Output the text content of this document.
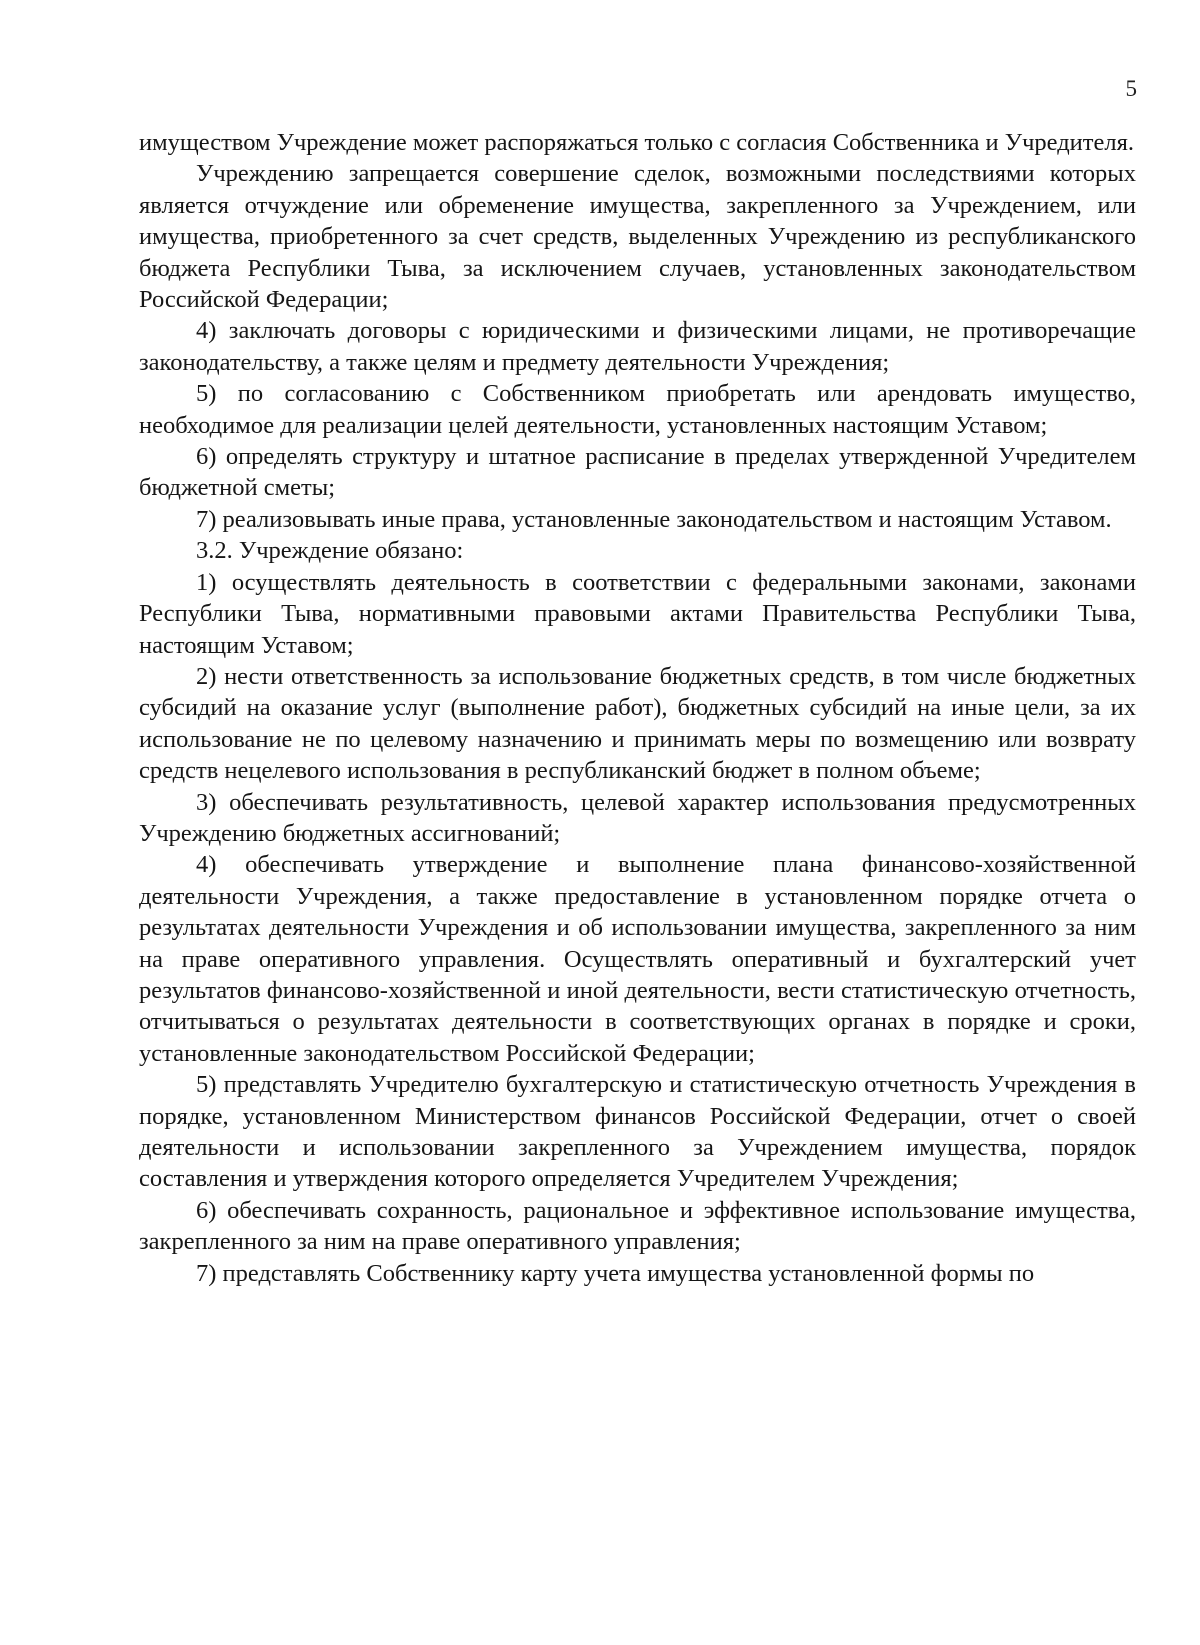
5

имуществом Учреждение может распоряжаться только с согласия Собственника и Учредителя.

Учреждению запрещается совершение сделок, возможными последствиями которых является отчуждение или обременение имущества, закрепленного за Учреждением, или имущества, приобретенного за счет средств, выделенных Учреждению из республиканского бюджета Республики Тыва, за исключением случаев, установленных законодательством Российской Федерации;

4) заключать договоры с юридическими и физическими лицами, не противоречащие законодательству, а также целям и предмету деятельности Учреждения;

5) по согласованию с Собственником приобретать или арендовать имущество, необходимое для реализации целей деятельности, установленных настоящим Уставом;

6) определять структуру и штатное расписание в пределах утвержденной Учредителем бюджетной сметы;

7) реализовывать иные права, установленные законодательством и настоящим Уставом.

3.2. Учреждение обязано:

1) осуществлять деятельность в соответствии с федеральными законами, законами Республики Тыва, нормативными правовыми актами Правительства Республики Тыва, настоящим Уставом;

2) нести ответственность за использование бюджетных средств, в том числе бюджетных субсидий на оказание услуг (выполнение работ), бюджетных субсидий на иные цели, за их использование не по целевому назначению и принимать меры по возмещению или возврату средств нецелевого использования в республиканский бюджет в полном объеме;

3) обеспечивать результативность, целевой характер использования предусмотренных Учреждению бюджетных ассигнований;

4) обеспечивать утверждение и выполнение плана финансово-хозяйственной деятельности Учреждения, а также предоставление в установленном порядке отчета о результатах деятельности Учреждения и об использовании имущества, закрепленного за ним на праве оперативного управления. Осуществлять оперативный и бухгалтерский учет результатов финансово-хозяйственной и иной деятельности, вести статистическую отчетность, отчитываться о результатах деятельности в соответствующих органах в порядке и сроки, установленные законодательством Российской Федерации;

5) представлять Учредителю бухгалтерскую и статистическую отчетность Учреждения в порядке, установленном Министерством финансов Российской Федерации, отчет о своей деятельности и использовании закрепленного за Учреждением имущества, порядок составления и утверждения которого определяется Учредителем Учреждения;

6) обеспечивать сохранность, рациональное и эффективное использование имущества, закрепленного за ним на праве оперативного управления;

7) представлять Собственнику карту учета имущества установленной формы по
